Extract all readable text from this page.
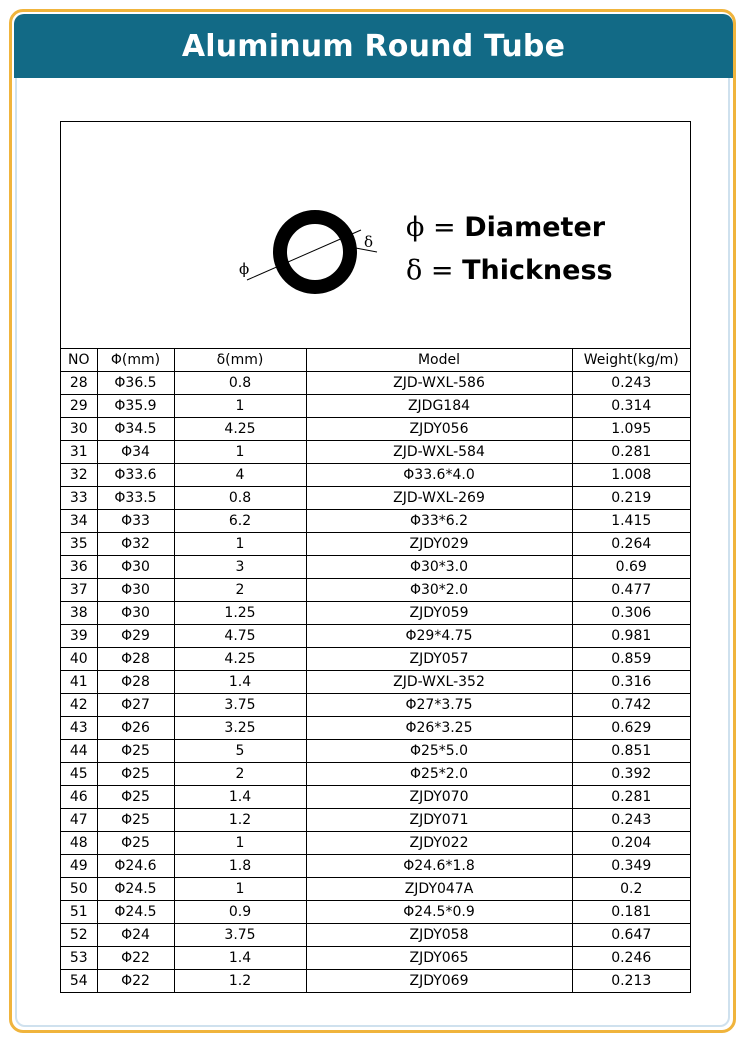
Aluminum Round Tube
ϕ
δ ϕ = Diameter
δ = Thickness
NO	Φ(mm)	δ(mm)	Model	Weight(kg/m)
28	Φ36.5	0.8	ZJD-WXL-586	0.243
29	Φ35.9	1	ZJDG184	0.314
30	Φ34.5	4.25	ZJDY056	1.095
31	Φ34	1	ZJD-WXL-584	0.281
32	Φ33.6	4	Φ33.6*4.0	1.008
33	Φ33.5	0.8	ZJD-WXL-269	0.219
34	Φ33	6.2	Φ33*6.2	1.415
35	Φ32	1	ZJDY029	0.264
36	Φ30	3	Φ30*3.0	0.69
37	Φ30	2	Φ30*2.0	0.477
38	Φ30	1.25	ZJDY059	0.306
39	Φ29	4.75	Φ29*4.75	0.981
40	Φ28	4.25	ZJDY057	0.859
41	Φ28	1.4	ZJD-WXL-352	0.316
42	Φ27	3.75	Φ27*3.75	0.742
43	Φ26	3.25	Φ26*3.25	0.629
44	Φ25	5	Φ25*5.0	0.851
45	Φ25	2	Φ25*2.0	0.392
46	Φ25	1.4	ZJDY070	0.281
47	Φ25	1.2	ZJDY071	0.243
48	Φ25	1	ZJDY022	0.204
49	Φ24.6	1.8	Φ24.6*1.8	0.349
50	Φ24.5	1	ZJDY047A	0.2
51	Φ24.5	0.9	Φ24.5*0.9	0.181
52	Φ24	3.75	ZJDY058	0.647
53	Φ22	1.4	ZJDY065	0.246
54	Φ22	1.2	ZJDY069	0.213
